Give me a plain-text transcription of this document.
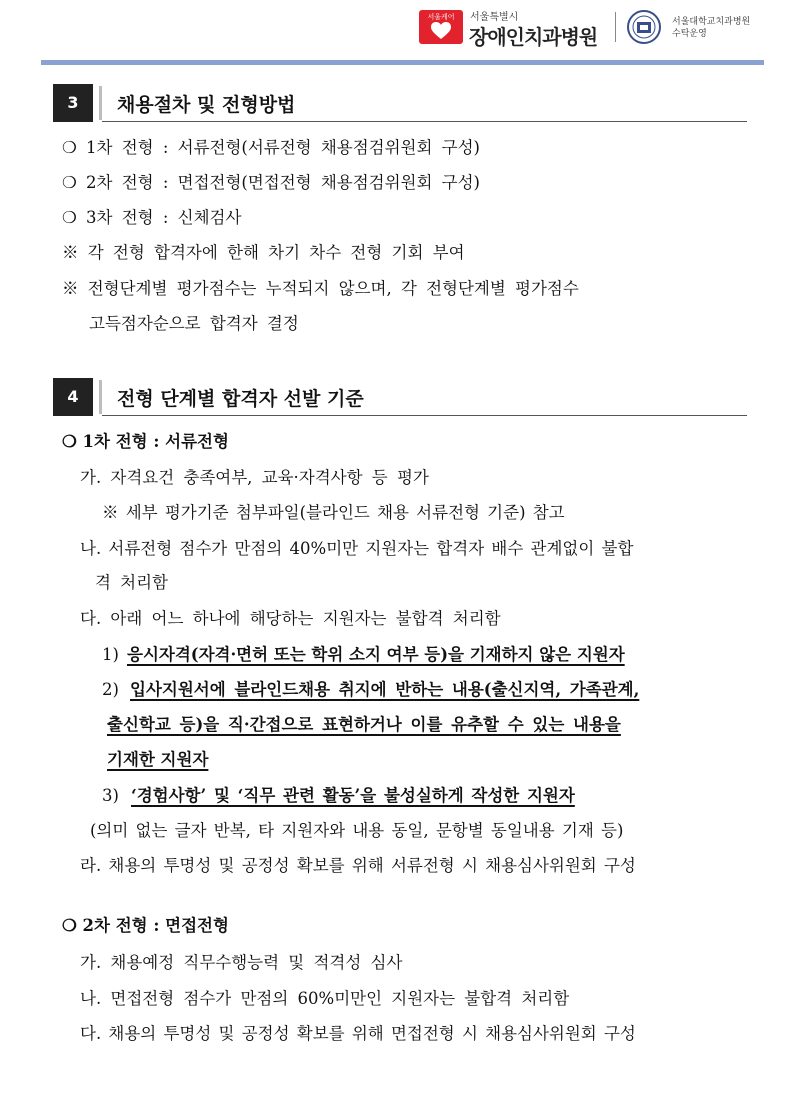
서울케어	서울특별시
장애인치과병원
서울대학교치과병원
수탁운영
3	채용절차 및 전형방법
❍ 1차 전형 : 서류전형(서류전형 채용점검위원회 구성)
❍ 2차 전형 : 면접전형(면접전형 채용점검위원회 구성)
❍ 3차 전형 : 신체검사
※ 각 전형 합격자에 한해 차기 차수 전형 기회 부여
※ 전형단계별 평가점수는 누적되지 않으며, 각 전형단계별 평가점수
고득점자순으로 합격자 결정
4	전형 단계별 합격자 선발 기준
❍ 1차 전형 : 서류전형
가. 자격요건 충족여부, 교육·자격사항 등 평가
※ 세부 평가기준 첨부파일(블라인드 채용 서류전형 기준) 참고
나. 서류전형 점수가 만점의 40%미만 지원자는 합격자 배수 관계없이 불합
격 처리함
다. 아래 어느 하나에 해당하는 지원자는 불합격 처리함
1) 응시자격(자격·면허 또는 학위 소지 여부 등)을 기재하지 않은 지원자
2) 입사지원서에 블라인드채용 취지에 반하는 내용(출신지역, 가족관계,
출신학교 등)을 직·간접으로 표현하거나 이를 유추할 수 있는 내용을
기재한 지원자
3) ‘경험사항’ 및 ‘직무 관련 활동’을 불성실하게 작성한 지원자
(의미 없는 글자 반복, 타 지원자와 내용 동일, 문항별 동일내용 기재 등)
라. 채용의 투명성 및 공정성 확보를 위해 서류전형 시 채용심사위원회 구성
❍ 2차 전형 : 면접전형
가. 채용예정 직무수행능력 및 적격성 심사
나. 면접전형 점수가 만점의 60%미만인 지원자는 불합격 처리함
다. 채용의 투명성 및 공정성 확보를 위해 면접전형 시 채용심사위원회 구성
